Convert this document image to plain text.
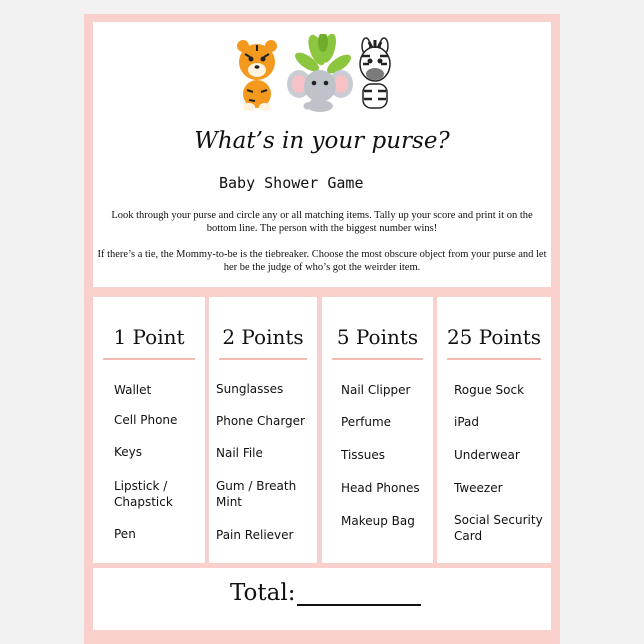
What’s in your purse?
Baby Shower Game

Look through your purse and circle any or all matching items. Tally up your score and print it on the bottom line. The person with the biggest number wins!

If there’s a tie, the Mommy-to-be is the tiebreaker. Choose the most obscure object from your purse and let her be the judge of who’s got the weirder item.

1 Point
Wallet
Cell Phone
Keys
Lipstick / Chapstick
Pen
2 Points
Sunglasses
Phone Charger
Nail File
Gum / Breath Mint
Pain Reliever
5 Points
Nail Clipper
Perfume
Tissues
Head Phones
Makeup Bag
25 Points
Rogue Sock
iPad
Underwear
Tweezer
Social Security Card
Total:
